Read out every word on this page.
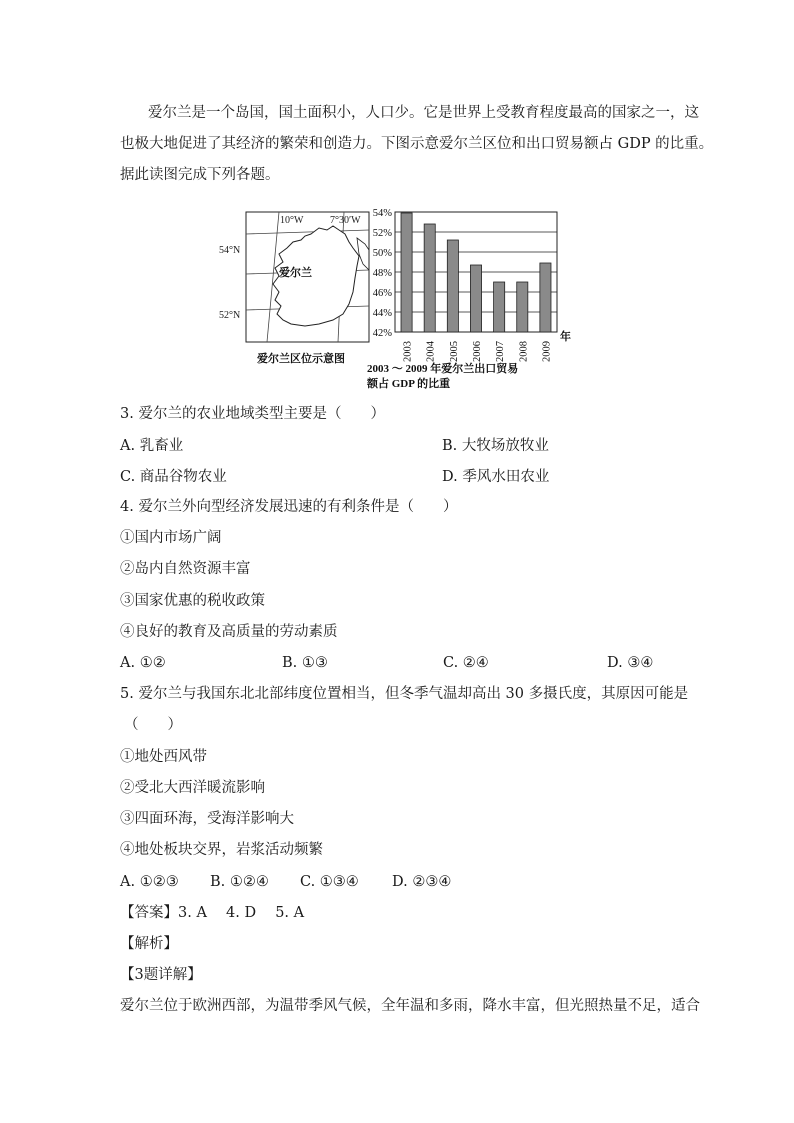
爱尔兰是一个岛国，国土面积小，人口少。它是世界上受教育程度最高的国家之一，这
也极大地促进了其经济的繁荣和创造力。下图示意爱尔兰区位和出口贸易额占 GDP 的比重。
据此读图完成下列各题。
10°W	7°30′W
54°N
52°N
爱尔兰
爱尔兰区位示意图
54%
52%
50%
48%
46%
44%
42%
2003 2004 2005 2006 2007 2008 2009
年
2003 ～ 2009 年爱尔兰出口贸易
额占 GDP 的比重
3. 爱尔兰的农业地域类型主要是（　　）
A. 乳畜业	B. 大牧场放牧业
C. 商品谷物农业	D. 季风水田农业
4. 爱尔兰外向型经济发展迅速的有利条件是（　　）
①国内市场广阔
②岛内自然资源丰富
③国家优惠的税收政策
④良好的教育及高质量的劳动素质
A. ①②	B. ①③	C. ②④	D. ③④
5. 爱尔兰与我国东北北部纬度位置相当，但冬季气温却高出 30 多摄氏度，其原因可能是
（　　）
①地处西风带
②受北大西洋暖流影响
③四面环海，受海洋影响大
④地处板块交界，岩浆活动频繁
A. ①②③ B. ①②④ C. ①③④ D. ②③④
【答案】3. A　 4. D　 5. A
【解析】
【3题详解】
爱尔兰位于欧洲西部，为温带季风气候，全年温和多雨，降水丰富，但光照热量不足，适合
